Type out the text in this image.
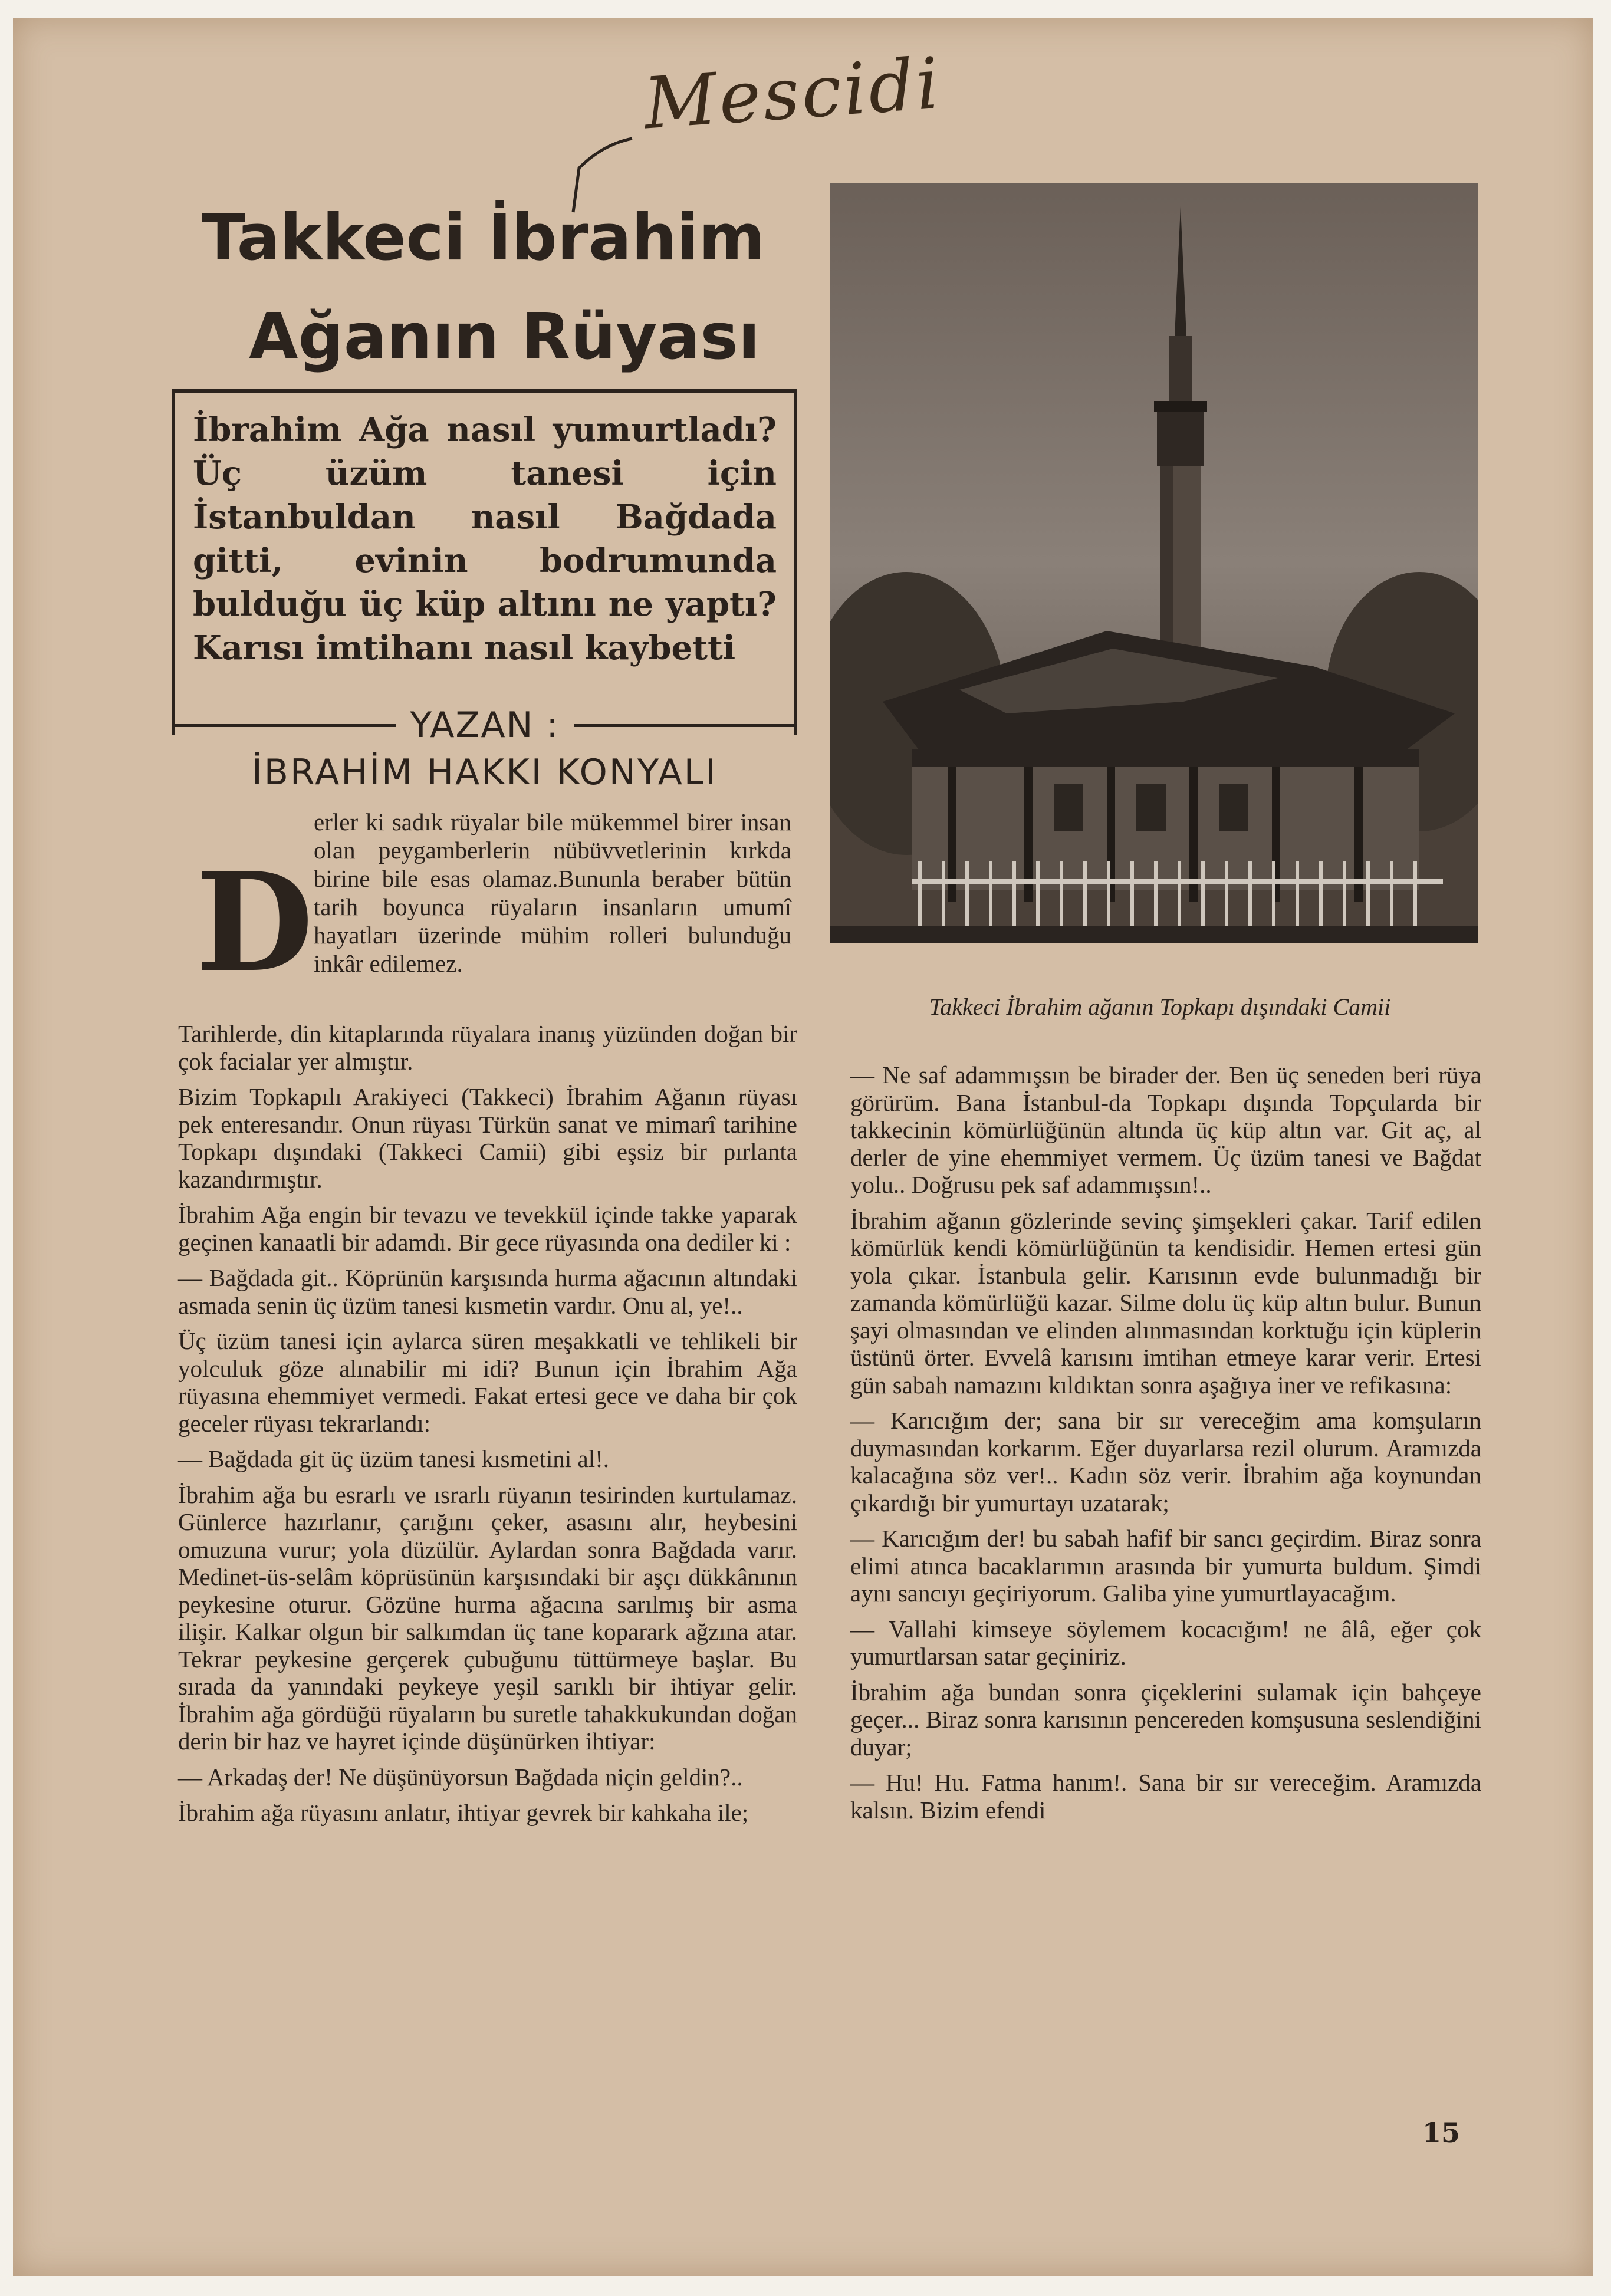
Mescidi
Takkeci İbrahim
Ağanın Rüyası
İbrahim Ağa nasıl yumurtladı?Üç üzüm tanesi için İstanbuldan nasıl Bağdada gitti, evinin bodrumunda bulduğu üç küp altını ne yaptı? Karısı imtihanı nasıl kaybetti
YAZAN :
İBRAHİM HAKKI KONYALI
D

erler ki sadık rüyalar bile mükemmel birer insan olan peygamberlerin nübüvvetlerinin kırkda birine bile esas olamaz.Bununla beraber bütün tarih boyunca rüyaların insanların umumî hayatları üzerinde mühim rolleri bulunduğu inkâr edilemez.

Tarihlerde, din kitaplarında rüyalara inanış yüzünden doğan bir çok facialar yer almıştır.

Bizim Topkapılı Arakiyeci (Takkeci) İbrahim Ağanın rüyası pek enteresandır. Onun rüyası Türkün sanat ve mimarî tarihine Topkapı dışındaki (Takkeci Camii) gibi eşsiz bir pırlanta kazandırmıştır.

İbrahim Ağa engin bir tevazu ve tevekkül içinde takke yaparak geçinen kanaatli bir adamdı. Bir gece rüyasında ona dediler ki :

— Bağdada git.. Köprünün karşısında hurma ağacının altındaki asmada senin üç üzüm tanesi kısmetin vardır. Onu al, ye!..

Üç üzüm tanesi için aylarca süren meşakkatli ve tehlikeli bir yolculuk göze alınabilir mi idi? Bunun için İbrahim Ağa rüyasına ehemmiyet vermedi. Fakat ertesi gece ve daha bir çok geceler rüyası tekrarlandı:

— Bağdada git üç üzüm tanesi kısmetini al!.

İbrahim ağa bu esrarlı ve ısrarlı rüyanın tesirinden kurtulamaz. Günlerce hazırlanır, çarığını çeker, asasını alır, heybesini omuzuna vurur; yola düzülür. Aylardan sonra Bağdada varır. Medinet-üs-selâm köprüsünün karşısındaki bir aşçı dükkânının peykesine oturur. Gözüne hurma ağacına sarılmış bir asma ilişir. Kalkar olgun bir salkımdan üç tane koparark ağzına atar. Tekrar peykesine gerçerek çubuğunu tüttürmeye başlar. Bu sırada da yanındaki peykeye yeşil sarıklı bir ihtiyar gelir. İbrahim ağa gördüğü rüyaların bu suretle tahakkukundan doğan derin bir haz ve hayret içinde düşünürken ihtiyar:

— Arkadaş der! Ne düşünüyorsun Bağdada niçin geldin?..

İbrahim ağa rüyasını anlatır, ihtiyar gevrek bir kahkaha ile;

Takkeci İbrahim ağanın Topkapı dışındaki Camii

— Ne saf adammışsın be birader der. Ben üç seneden beri rüya görürüm. Bana İstanbul-da Topkapı dışında Topçularda bir takkecinin kömürlüğünün altında üç küp altın var. Git aç, al derler de yine ehemmiyet vermem. Üç üzüm tanesi ve Bağdat yolu.. Doğrusu pek saf adammışsın!..

İbrahim ağanın gözlerinde sevinç şimşekleri çakar. Tarif edilen kömürlük kendi kömürlüğünün ta kendisidir. Hemen ertesi gün yola çıkar. İstanbula gelir. Karısının evde bulunmadığı bir zamanda kömürlüğü kazar. Silme dolu üç küp altın bulur. Bunun şayi olmasından ve elinden alınmasından korktuğu için küplerin üstünü örter. Evvelâ karısını imtihan etmeye karar verir. Ertesi gün sabah namazını kıldıktan sonra aşağıya iner ve refikasına:

— Karıcığım der; sana bir sır vereceğim ama komşuların duymasından korkarım. Eğer duyarlarsa rezil olurum. Aramızda kalacağına söz ver!.. Kadın söz verir. İbrahim ağa koynundan çıkardığı bir yumurtayı uzatarak;

— Karıcığım der! bu sabah hafif bir sancı geçirdim. Biraz sonra elimi atınca bacaklarımın arasında bir yumurta buldum. Şimdi aynı sancıyı geçiriyorum. Galiba yine yumurtlayacağım.

— Vallahi kimseye söylemem kocacığım! ne âlâ, eğer çok yumurtlarsan satar geçiniriz.

İbrahim ağa bundan sonra çiçeklerini sulamak için bahçeye geçer... Biraz sonra karısının pencereden komşusuna seslendiğini duyar;

— Hu! Hu. Fatma hanım!. Sana bir sır vereceğim. Aramızda kalsın. Bizim efendi

15
